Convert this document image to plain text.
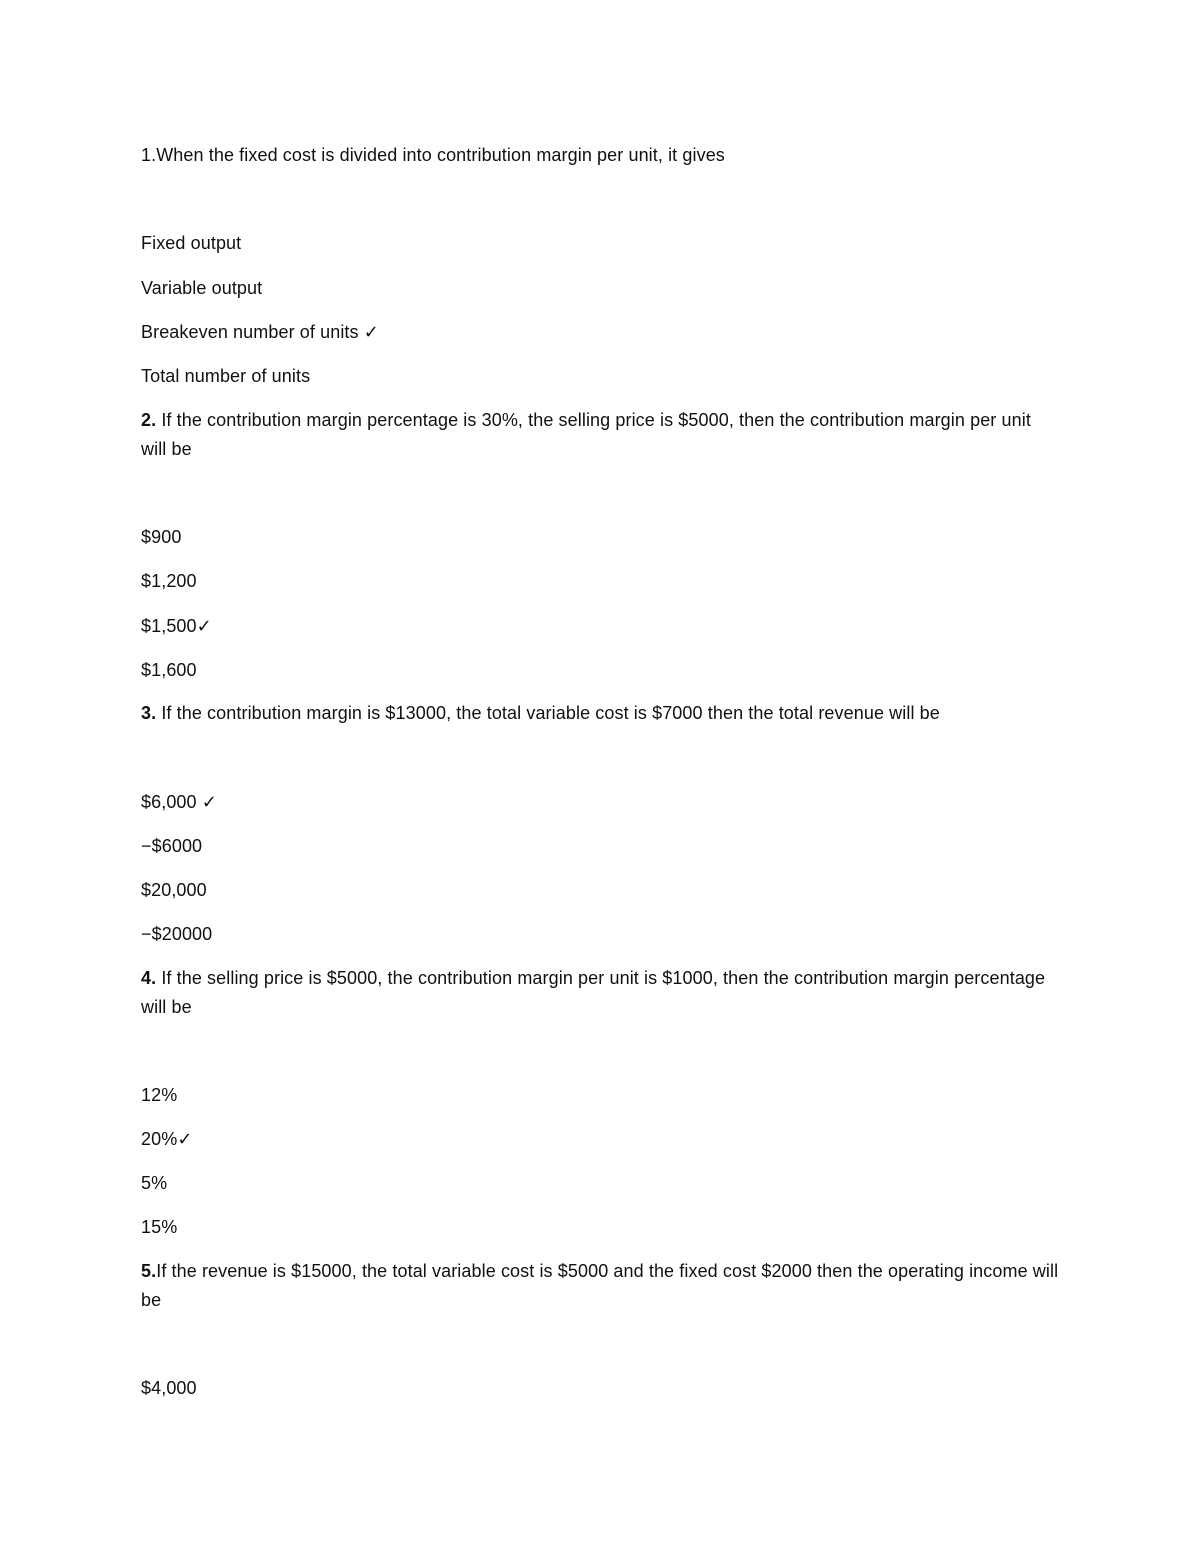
1.When the fixed cost is divided into contribution margin per unit, it gives

Fixed output

Variable output

Breakeven number of units ✓

Total number of units

2. If the contribution margin percentage is 30%, the selling price is $5000, then the contribution margin per unit will be

$900

$1,200

$1,500✓

$1,600

3. If the contribution margin is $13000, the total variable cost is $7000 then the total revenue will be

$6,000 ✓

−$6000

$20,000

−$20000

4. If the selling price is $5000, the contribution margin per unit is $1000, then the contribution margin percentage will be

12%

20%✓

5%

15%

5.If the revenue is $15000, the total variable cost is $5000 and the fixed cost $2000 then the operating income will be

$4,000
